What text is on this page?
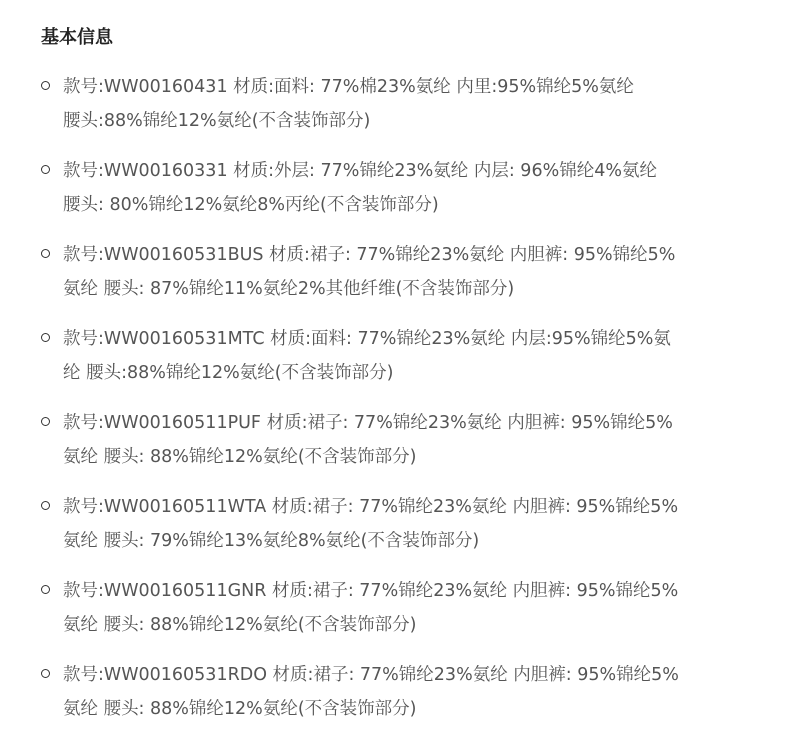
基本信息
款号:WW00160431 材质:面料: 77%棉23%氨纶 内里:95%锦纶5%氨纶
腰头:88%锦纶12%氨纶(不含装饰部分)
款号:WW00160331 材质:外层: 77%锦纶23%氨纶 内层: 96%锦纶4%氨纶
腰头: 80%锦纶12%氨纶8%丙纶(不含装饰部分)
款号:WW00160531BUS 材质:裙子: 77%锦纶23%氨纶 内胆裤: 95%锦纶5%
氨纶 腰头: 87%锦纶11%氨纶2%其他纤维(不含装饰部分)
款号:WW00160531MTC 材质:面料: 77%锦纶23%氨纶 内层:95%锦纶5%氨
纶 腰头:88%锦纶12%氨纶(不含装饰部分)
款号:WW00160511PUF 材质:裙子: 77%锦纶23%氨纶 内胆裤: 95%锦纶5%
氨纶 腰头: 88%锦纶12%氨纶(不含装饰部分)
款号:WW00160511WTA 材质:裙子: 77%锦纶23%氨纶 内胆裤: 95%锦纶5%
氨纶 腰头: 79%锦纶13%氨纶8%氨纶(不含装饰部分)
款号:WW00160511GNR 材质:裙子: 77%锦纶23%氨纶 内胆裤: 95%锦纶5%
氨纶 腰头: 88%锦纶12%氨纶(不含装饰部分)
款号:WW00160531RDO 材质:裙子: 77%锦纶23%氨纶 内胆裤: 95%锦纶5%
氨纶 腰头: 88%锦纶12%氨纶(不含装饰部分)
